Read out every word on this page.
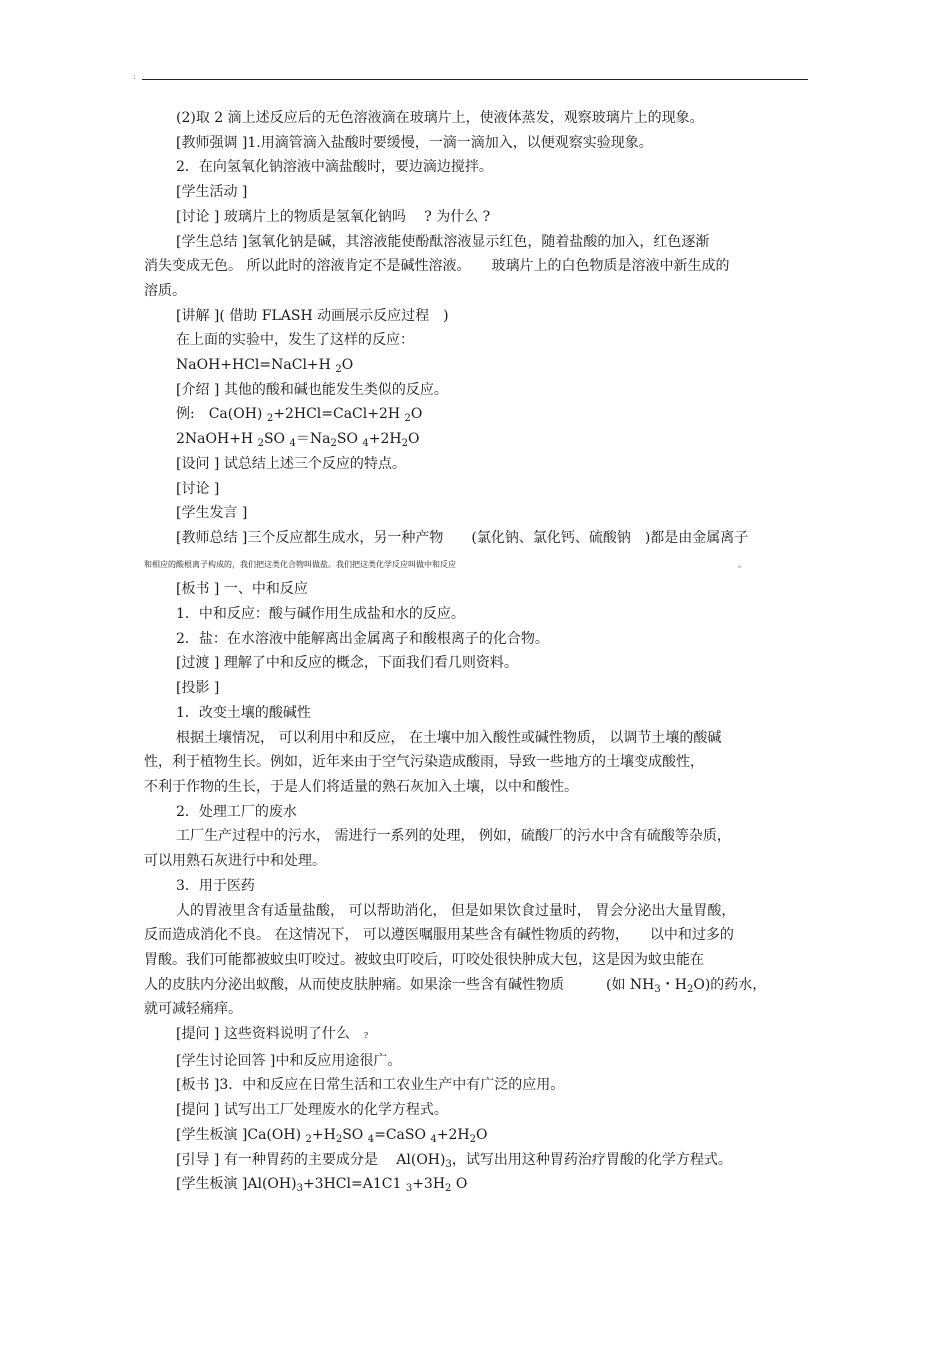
:

(2)取 2 滴上述反应后的无色溶液滴在玻璃片上，使液体蒸发，观察玻璃片上的现象。

[教师强调 ]1.用滴管滴入盐酸时要缓慢，一滴一滴加入，以便观察实验现象。

2．在向氢氧化钠溶液中滴盐酸时，要边滴边搅拌。

[学生活动 ]

[讨论 ] 玻璃片上的物质是氢氧化钠吗　 ? 为什么 ?

[学生总结 ]氢氧化钠是碱，其溶液能使酚酞溶液显示红色，随着盐酸的加入，红色逐渐

消失变成无色。 所以此时的溶液肯定不是碱性溶液。　　玻璃片上的白色物质是溶液中新生成的

溶质。

[讲解 ]( 借助 FLASH 动画展示反应过程　)

在上面的实验中，发生了这样的反应：

NaOH+HCl=NaCl+H $_2$O

[介绍 ] 其他的酸和碱也能发生类似的反应。

例:　Ca(OH) $_2$+2HCl=CaCl+2H $_2$O

2NaOH+H $_2$SO $_4=Na_2SO$ $_4+2H_2O$

[设问 ] 试总结上述三个反应的特点。

[讨论 ]

[学生发言 ]

[教师总结 ]三个反应都生成水，另一种产物　　(氯化钠、氯化钙、硫酸钠　)都是由金属离子

和相应的酸根离子构成的，我们把这类化合物叫做盐。我们把这类化学反应叫做中和反应	。

[板书 ] 一、中和反应

1．中和反应：酸与碱作用生成盐和水的反应。

2．盐：在水溶液中能解离出金属离子和酸根离子的化合物。

[过渡 ] 理解了中和反应的概念，下面我们看几则资料。

[投影 ]

1．改变土壤的酸碱性

根据土壤情况， 可以利用中和反应， 在土壤中加入酸性或碱性物质， 以调节土壤的酸碱

性，利于植物生长。例如，近年来由于空气污染造成酸雨，导致一些地方的土壤变成酸性，

不利于作物的生长，于是人们将适量的熟石灰加入土壤，以中和酸性。

2．处理工厂的废水

工厂生产过程中的污水， 需进行一系列的处理， 例如，硫酸厂的污水中含有硫酸等杂质，

可以用熟石灰进行中和处理。

3．用于医药

人的胃液里含有适量盐酸， 可以帮助消化， 但是如果饮食过量时， 胃会分泌出大量胃酸，

反而造成消化不良。 在这情况下， 可以遵医嘱服用某些含有碱性物质的药物，　　以中和过多的

胃酸。我们可能都被蚊虫叮咬过。被蚊虫叮咬后，叮咬处很快肿成大包，这是因为蚊虫能在

人的皮肤内分泌出蚁酸，从而使皮肤肿痛。如果涂一些含有碱性物质　　　(如 $NH_3$・$H_2O$)的药水，

就可减轻痛痒。

[提问 ] 这些资料说明了什么　?

[学生讨论回答 ]中和反应用途很广。

[板书 ]3．中和反应在日常生活和工农业生产中有广泛的应用。

[提问 ] 试写出工厂处理废水的化学方程式。

[学生板演 ]Ca(OH) $_2+H_2SO$ $_4$=CaSO $_4+2H_2O$

[引导 ] 有一种胃药的主要成分是　 $Al(OH)_3$，试写出用这种胃药治疗胃酸的化学方程式。

[学生板演 ]$Al(OH)_3+3HCl=A1C1$ $_3+3H_2$ O
